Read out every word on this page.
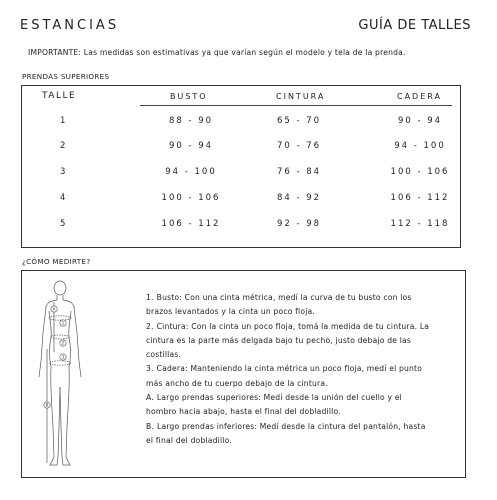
ESTANCIAS	GUÍA DE TALLES
IMPORTANTE: Las medidas son estimativas ya que varían según el modelo y tela de la prenda.
PRENDAS SUPERIORES
TALLE	BUSTO	CINTURA	CADERA
1	88 - 90	65 - 70	90 - 94
2	90 - 94	70 - 76	94 - 100
3	94 - 100	76 - 84	100 - 106
4	100 - 106	84 - 92	106 - 112
5	106 - 112	92 - 98	112 - 118
¿CÓMO MEDIRTE?
A
1
2
3
B

1. Busto: Con una cinta métrica, medí la curva de tu busto con los

brazos levantados y la cinta un poco floja.

2. Cintura: Con la cinta un poco floja, tomá la medida de tu cintura. La

cintura es la parte más delgada bajo tu pecho, justo debajo de las

costillas.

3. Cadera: Manteniendo la cinta métrica un poco floja, medí el punto

más ancho de tu cuerpo debajo de la cintura.

A. Largo prendas superiores: Medí desde la unión del cuello y el

hombro hacia abajo, hasta el final del dobladillo.

B. Largo prendas inferiores: Medí desde la cintura del pantalón, hasta

el final del dobladillo.
